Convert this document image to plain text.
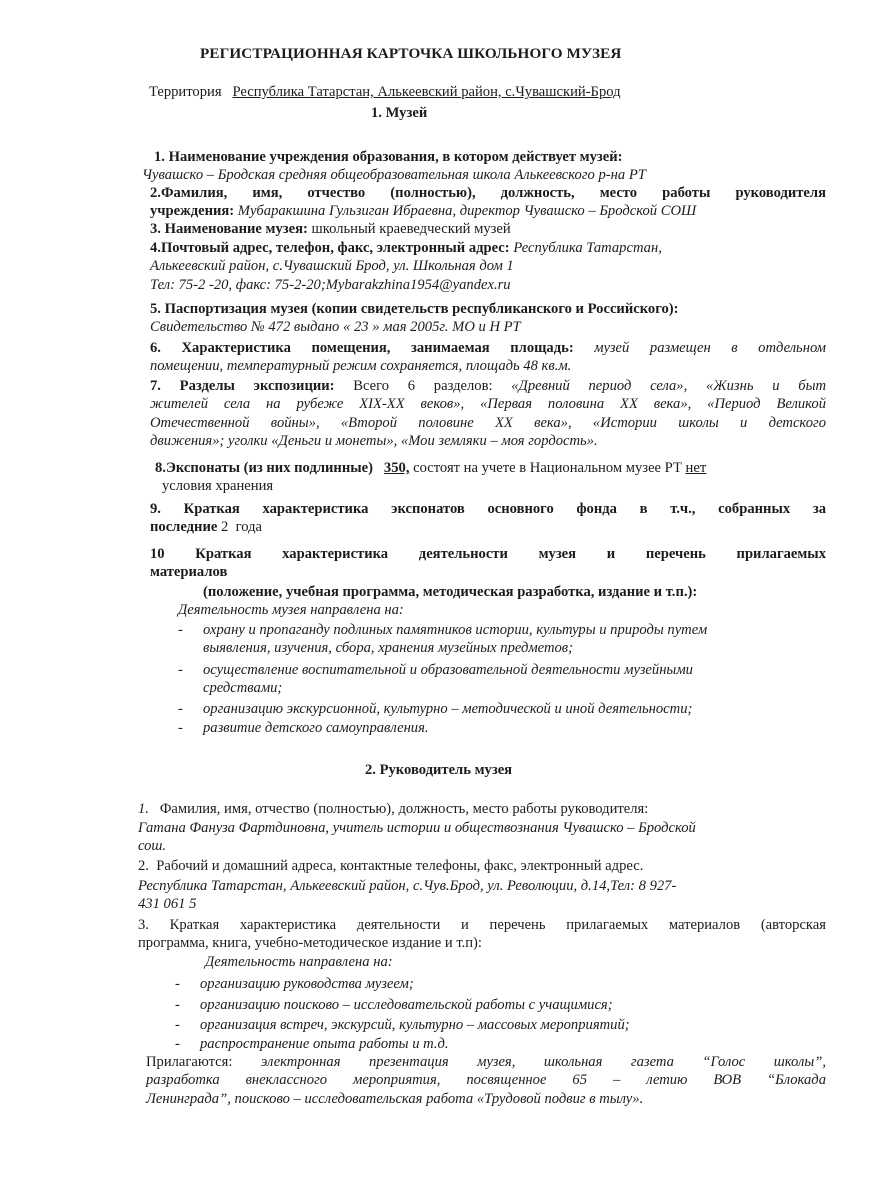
РЕГИСТРАЦИОННАЯ КАРТОЧКА ШКОЛЬНОГО МУЗЕЯ
Территория Республика Татарстан, Алькеевский район, с.Чувашский-Брод
1. Музей
1. Наименование учреждения образования, в котором действует музей:
Чувашско – Бродская средняя общеобразовательная школа Алькеевского р-на РТ
2.Фамилия, имя, отчество (полностью), должность, место работы руководителя
учреждения: Мубаракшина Гульзиган Ибраевна, директор Чувашско – Бродской СОШ
3. Наименование музея: школьный краеведческий музей
4.Почтовый адрес, телефон, факс, электронный адрес: Республика Татарстан,
Алькеевский район, с.Чувашский Брод, ул. Школьная дом 1
Тел: 75-2 -20, факс: 75-2-20;Mybarakzhina1954@yandex.ru
5. Паспортизация музея (копии свидетельств республиканского и Российского):
Свидетельство № 472 выдано « 23 » мая 2005г. МО и Н РТ
6. Характеристика помещения, занимаемая площадь: музей размещен в отдельном
помещении, температурный режим сохраняется, площадь 48 кв.м.
7. Разделы экспозиции: Всего 6 разделов: «Древний период села», «Жизнь и быт
жителей села на рубеже XIX-XX веков», «Первая половина XX века», «Период Великой
Отечественной войны», «Второй половине XX века», «Истории школы и детского
движения»; уголки «Деньги и монеты», «Мои земляки – моя гордость».
8.Экспонаты (из них подлинные) 350, состоят на учете в Национальном музее РТ нет
условия хранения
9. Краткая характеристика экспонатов основного фонда в т.ч., собранных за
последние 2 года
10 Краткая характеристика деятельности музея и перечень прилагаемых
материалов
(положение, учебная программа, методическая разработка, издание и т.п.):
Деятельность музея направлена на:
- охрану и пропаганду подлиных памятников истории, культуры и природы путем
выявления, изучения, сбора, хранения музейных предметов;
- осуществление воспитательной и образовательной деятельности музейными
средствами;
- организацию экскурсионной, культурно – методической и иной деятельности;
- развитие детского самоуправления.
2. Руководитель музея
1. Фамилия, имя, отчество (полностью), должность, место работы руководителя:
Гатана Фануза Фартдиновна, учитель истории и обществознания Чувашско – Бродской
сош.
2. Рабочий и домашний адреса, контактные телефоны, факс, электронный адрес.
Республика Татарстан, Алькеевский район, с.Чув.Брод, ул. Революции, д.14,Тел: 8 927-
431 061 5
3. Краткая характеристика деятельности и перечень прилагаемых материалов (авторская
программа, книга, учебно-методическое издание и т.п):
Деятельность направлена на:
- организацию руководства музеем;
- организацию поисково – исследовательской работы с учащимися;
- организация встреч, экскурсий, культурно – массовых мероприятий;
- распространение опыта работы и т.д.
Прилагаются: электронная презентация музея, школьная газета “Голос школы”,
разработка внеклассного мероприятия, посвященное 65 – летию ВОВ “Блокада
Ленинграда”, поисково – исследовательская работа «Трудовой подвиг в тылу».
